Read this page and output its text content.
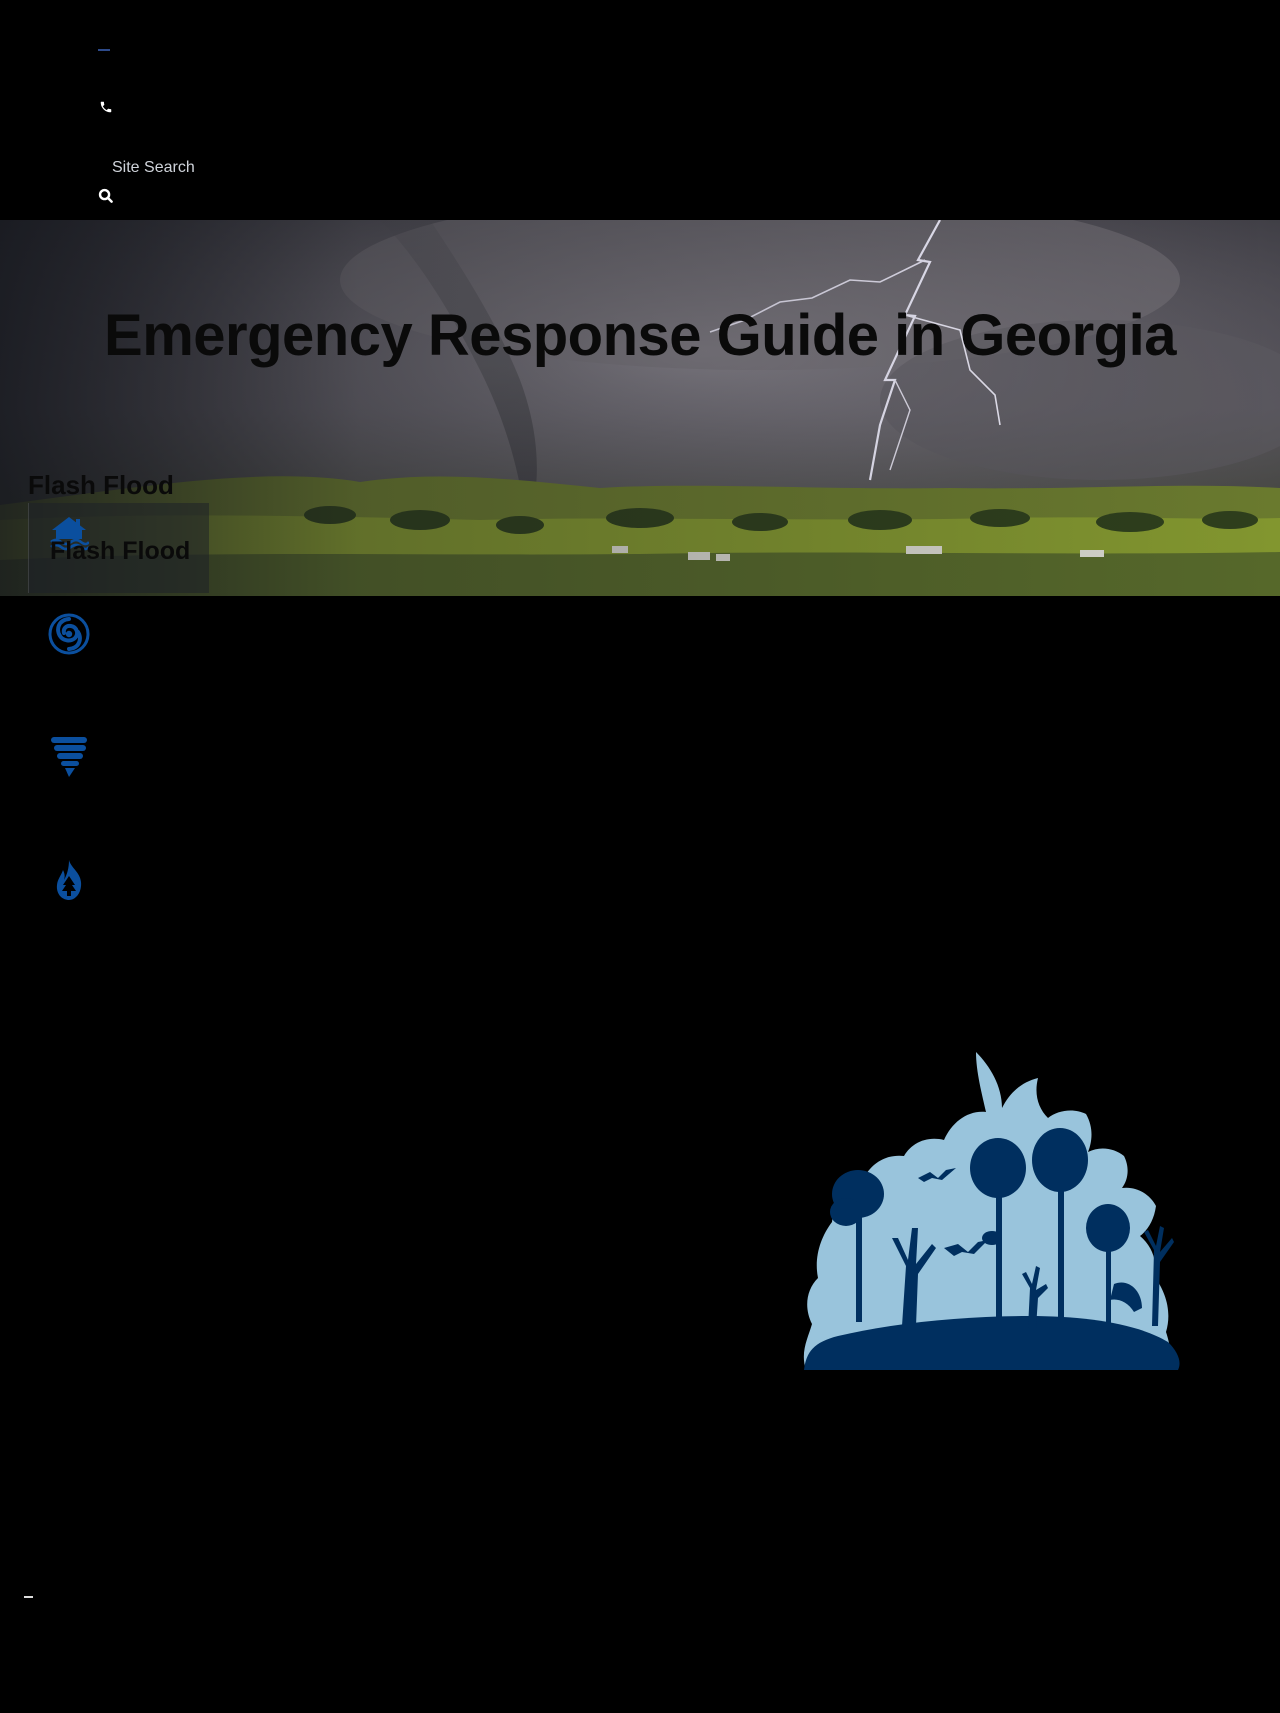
Site Search
Emergency Response Guide in Georgia
Flash Flood
Flash Flood
